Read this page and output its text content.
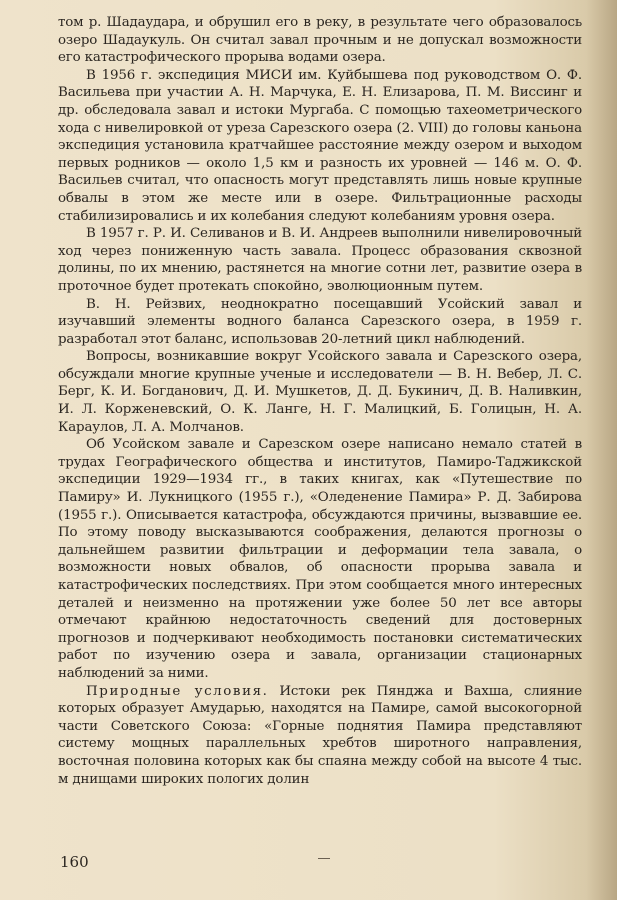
том р. Шадаудара, и обрушил его в реку, в результате чего образовалось озеро Шадаукуль. Он считал завал прочным и не допускал возможности его катастрофического прорыва водами озера.

В 1956 г. экспедиция МИСИ им. Куйбышева под руководством О. Ф. Васильева при участии А. Н. Марчука, Е. Н. Елизарова, П. М. Виссинг и др. обследовала завал и истоки Мургаба. С помощью тахеометрического хода с нивелировкой от уреза Сарезского озера (2. VIII) до головы каньона экспедиция установила кратчайшее расстояние между озером и выходом первых родников — около 1,5 км и разность их уровней — 146 м. О. Ф. Васильев считал, что опасность могут представлять лишь новые крупные обвалы в этом же месте или в озере. Фильтрационные расходы стабилизировались и их колебания следуют колебаниям уровня озера.

В 1957 г. Р. И. Селиванов и В. И. Андреев выполнили нивелировочный ход через пониженную часть завала. Процесс образования сквозной долины, по их мнению, растянется на многие сотни лет, развитие озера в проточное будет протекать спокойно, эволюционным путем.

В. Н. Рейзвих, неоднократно посещавший Усойский завал и изучавший элементы водного баланса Сарезского озера, в 1959 г. разработал этот баланс, использовав 20-летний цикл наблюдений.

Вопросы, возникавшие вокруг Усойского завала и Сарезского озера, обсуждали многие крупные ученые и исследователи — В. Н. Вебер, Л. С. Берг, К. И. Богданович, Д. И. Мушкетов, Д. Д. Букинич, Д. В. Наливкин, И. Л. Корженевский, О. К. Ланге, Н. Г. Малицкий, Б. Голицын, Н. А. Караулов, Л. А. Молчанов.

Об Усойском завале и Сарезском озере написано немало статей в трудах Географического общества и институтов, Памиро-Таджикской экспедиции 1929—1934 гг., в таких книгах, как «Путешествие по Памиру» И. Лукницкого (1955 г.), «Оледенение Памира» Р. Д. Забирова (1955 г.). Описывается катастрофа, обсуждаются причины, вызвавшие ее. По этому поводу высказываются соображения, делаются прогнозы о дальнейшем развитии фильтрации и деформации тела завала, о возможности новых обвалов, об опасности прорыва завала и катастрофических последствиях. При этом сообщается много интересных деталей и неизменно на протяжении уже более 50 лет все авторы отмечают крайнюю недостаточность сведений для достоверных прогнозов и подчеркивают необходимость постановки систематических работ по изучению озера и завала, организации стационарных наблюдений за ними.

Природные условия. Истоки рек Пянджа и Вахша, слияние которых образует Амударью, находятся на Памире, самой высокогорной части Советского Союза: «Горные поднятия Памира представляют систему мощных параллельных хребтов широтного направления, восточная половина которых как бы спаяна между собой на высоте 4 тыс. м днищами широких пологих долин

160
